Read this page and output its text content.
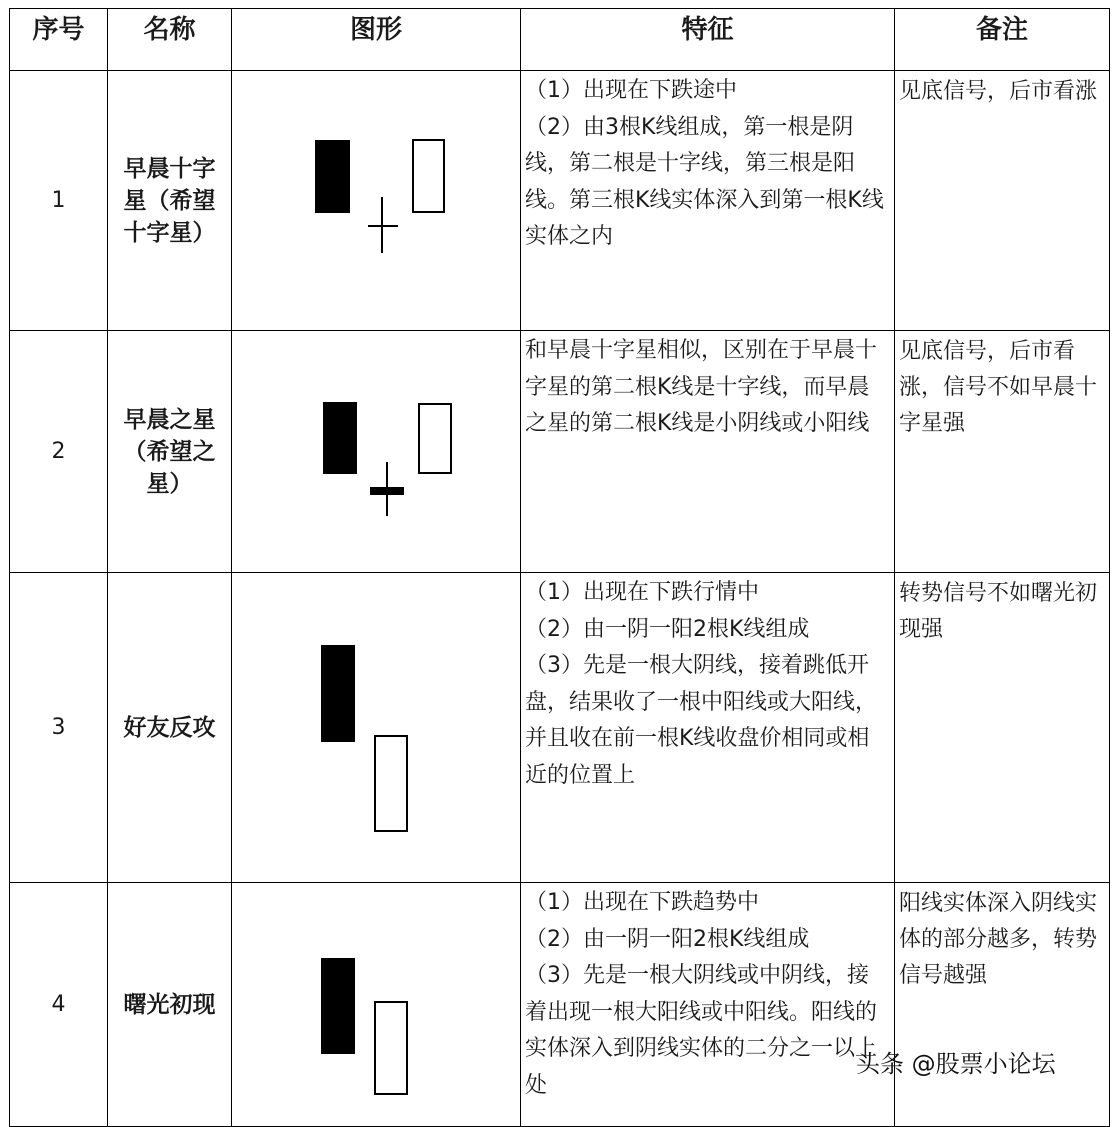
序号	名称	图形	特征	备注
1	早晨十字星（希望十字星）		（1）出现在下跌途中

（2）由3根K线组成，第一根是阴线，第二根是十字线，第三根是阳线。第三根K线实体深入到第一根K线实体之内	见底信号，后市看涨
2	早晨之星（希望之星）		和早晨十字星相似，区别在于早晨十字星的第二根K线是十字线，而早晨之星的第二根K线是小阴线或小阳线	见底信号，后市看涨，信号不如早晨十字星强
3	好友反攻		（1）出现在下跌行情中

（2）由一阴一阳2根K线组成

（3）先是一根大阴线，接着跳低开盘，结果收了一根中阳线或大阳线，并且收在前一根K线收盘价相同或相近的位置上	转势信号不如曙光初现强
4	曙光初现		（1）出现在下跌趋势中

（2）由一阴一阳2根K线组成

（3）先是一根大阴线或中阴线，接着出现一根大阳线或中阳线。阳线的实体深入到阴线实体的二分之一以上处	阳线实体深入阴线实体的部分越多，转势信号越强
头条 @股票小论坛
